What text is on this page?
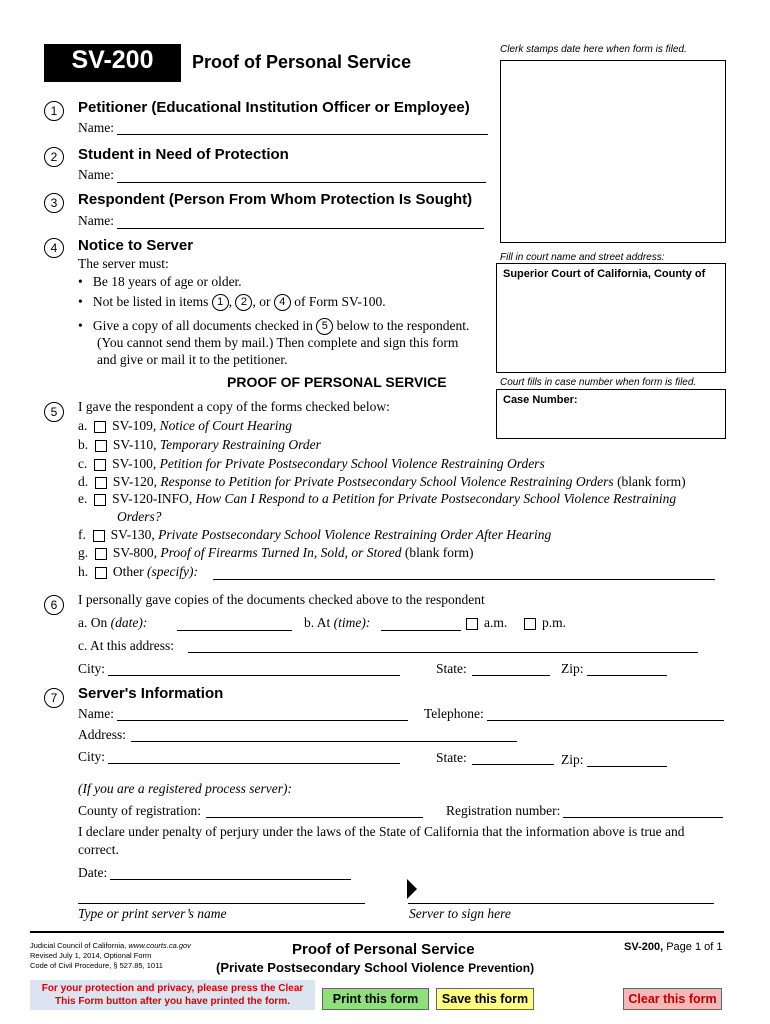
SV-200	Proof of Personal Service
Clerk stamps date here when form is filed.
Fill in court name and street address:
Superior Court of California, County of
Court fills in case number when form is filed.
Case Number:
1	Petitioner (Educational Institution Officer or Employee)
Name:
2	Student in Need of Protection
Name:
3	Respondent (Person From Whom Protection Is Sought)
Name:
4	Notice to Server
The server must:
•   Be 18 years of age or older.
•   Not be listed in items 1 , 2 , or 4 of Form SV-100.
•   Give a copy of all documents checked in 5 below to the respondent.
(You cannot send them by mail.) Then complete and sign this form
and give or mail it to the petitioner.
PROOF OF PERSONAL SERVICE
5	I gave the respondent a copy of the forms checked below:
a. SV-109, Notice of Court Hearing
b. SV-110, Temporary Restraining Order
c. SV-100, Petition for Private Postsecondary School Violence Restraining Orders
d. SV-120, Response to Petition for Private Postsecondary School Violence Restraining Orders (blank form)
e. SV-120-INFO, How Can I Respond to a Petition for Private Postsecondary School Violence Restraining
Orders?
f. SV-130, Private Postsecondary School Violence Restraining Order After Hearing
g. SV-800, Proof of Firearms Turned In, Sold, or Stored (blank form)
h. Other (specify):
6	I personally gave copies of the documents checked above to the respondent
a. On (date):	b. At (time):	a.m.	p.m.
c. At this address:
City:	State:	Zip:
7	Server's Information
Name:	Telephone:
Address:
City:	State:	Zip:
(If you are a registered process server):
County of registration:	Registration number:
I declare under penalty of perjury under the laws of the State of California that the information above is true and
correct.
Date:
Type or print server’s name	Server to sign here
Judicial Council of California, www.courts.ca.gov
Revised July 1, 2014, Optional Form
Code of Civil Procedure, § 527.85, 1011
Proof of Personal Service
(Private Postsecondary School Violence Prevention)
SV-200, Page 1 of 1
For your protection and privacy, please press the Clear
This Form button after you have printed the form.	Print this form	Save this form	Clear this form
